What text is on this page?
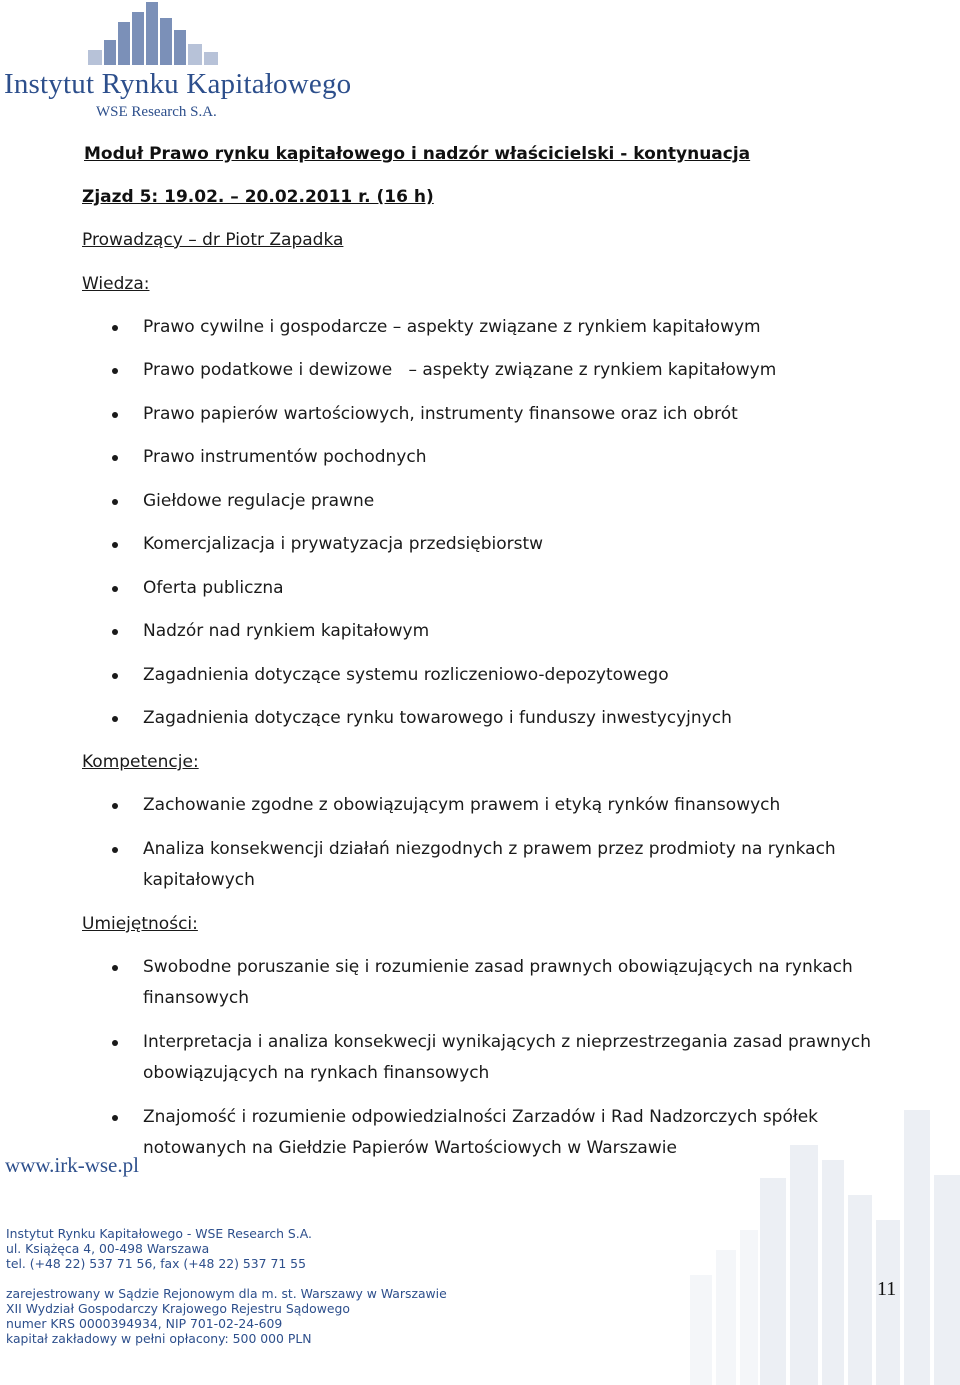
Instytut Rynku Kapitałowego
WSE Research S.A.
Moduł Prawo rynku kapitałowego i nadzór właścicielski - kontynuacja
Zjazd 5: 19.02. – 20.02.2011 r. (16 h)
Prowadzący – dr Piotr Zapadka
Wiedza:
Prawo cywilne i gospodarcze – aspekty związane z rynkiem kapitałowym
Prawo podatkowe i dewizowe   – aspekty związane z rynkiem kapitałowym
Prawo papierów wartościowych, instrumenty finansowe oraz ich obrót
Prawo instrumentów pochodnych
Giełdowe regulacje prawne
Komercjalizacja i prywatyzacja przedsiębiorstw
Oferta publiczna
Nadzór nad rynkiem kapitałowym
Zagadnienia dotyczące systemu rozliczeniowo-depozytowego
Zagadnienia dotyczące rynku towarowego i funduszy inwestycyjnych
Kompetencje:
Zachowanie zgodne z obowiązującym prawem i etyką rynków finansowych
Analiza konsekwencji działań niezgodnych z prawem przez prodmioty na rynkach kapitałowych
Umiejętności:
Swobodne poruszanie się i rozumienie zasad prawnych obowiązujących na rynkach finansowych
Interpretacja i analiza konsekwecji wynikających z nieprzestrzegania zasad prawnych obowiązujących na rynkach finansowych
Znajomość i rozumienie odpowiedzialności Zarzadów i Rad Nadzorczych spółek notowanych na Giełdzie Papierów Wartościowych w Warszawie
www.irk-wse.pl
Instytut Rynku Kapitałowego - WSE Research S.A.
ul. Książęca 4, 00-498 Warszawa
tel. (+48 22) 537 71 56, fax (+48 22) 537 71 55
zarejestrowany w Sądzie Rejonowym dla m. st. Warszawy w Warszawie
XII Wydział Gospodarczy Krajowego Rejestru Sądowego
numer KRS 0000394934, NIP 701-02-24-609
kapitał zakładowy w pełni opłacony: 500 000 PLN
11
